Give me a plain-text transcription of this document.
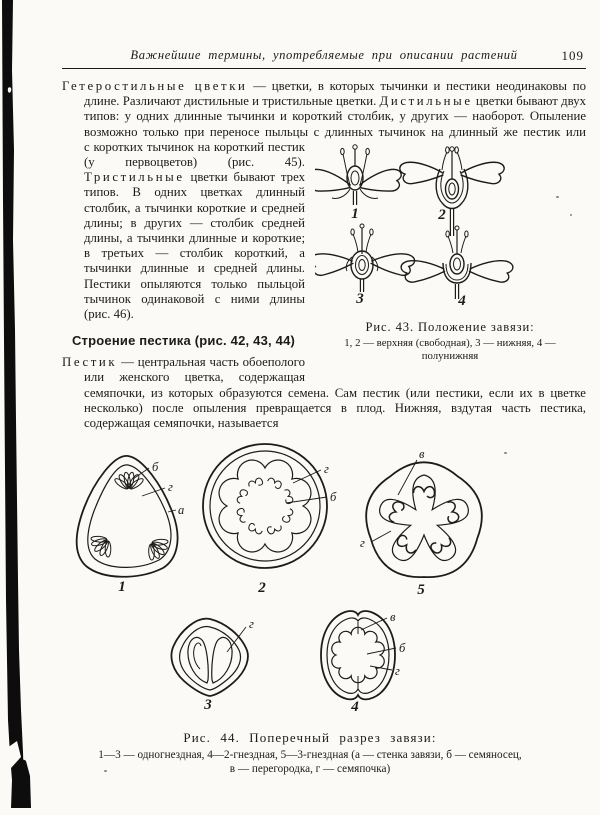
Важнейшие термины, употребляемые при описании растений	109

Гетеростильные цветки — цветки, в которых тычинки и пестики неодинаковы по длине. Различают дистильные и тристильные цветки. Дистильные цветки бывают двух типов: у одних длинные тычинки и короткий столбик, у других — наоборот. Опыление возможно только при переносе пыльцы с длинных тычинок на длинный же пестик или

1	2
3	4
Рис. 43. Положение завязи:
1, 2 — верхняя (свободная), 3 — нижняя, 4 — полунижняя

с коротких тычинок на короткий пестик (у первоцветов) (рис. 45). Тристильные цветки бывают трех типов. В одних цветках длинный столбик, а тычинки короткие и средней длины; в других — столбик средней длины, а тычинки длинные и короткие; в третьих — столбик короткий, а тычинки длинные и средней длины. Пестики опыляются только пыльцой тычинок одинаковой с ними длины (рис. 46).

Строение пестика (рис. 42, 43, 44)

Пестик — центральная часть обоеполого или женского цветка, содержащая семяпочки, из которых образуются семена. Сам пестик (или пестики, если их в цветке несколько) после опыления превращается в плод. Нижняя, вздутая часть пестика, содержащая семяпочки, называется

б
г
а
г
б
в
г
г	в
б
г
1	2	5
3	4
Рис. 44. Поперечный разрез завязи:
1—3 — одногнездная, 4—2-гнездная, 5—3-гнездная (а — стенка завязи, б — семяносец,
в — перегородка, г — семяпочка)
